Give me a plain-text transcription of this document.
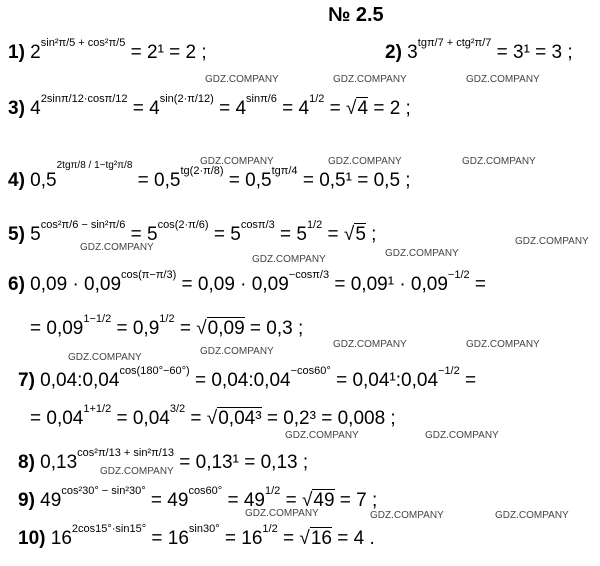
№ 2.5
1) $2^{sin^2\pi/5 + cos^2\pi/5} = 2^1 = 2$ ;	2) $3^{tg\pi/7 + ctg^2\pi/7} = 3^1 = 3$ ;
3) $4^{2sin\pi/12\cdot cos\pi/12} = 4^{sin(2\cdot\pi/12)} = 4^{sin\pi/6} = 4^{1/2} = √4 = 2$ ;
4) $0,5^{2tg\pi/8 / 1-tg^2\pi/8} = 0,5^{tg(2\cdot\pi/8)} = 0,5^{tg\pi/4} = 0,5^1 = 0,5$ ;
5) $5^{cos^2\pi/6 - sin^2\pi/6} = 5^{cos(2\cdot\pi/6)} = 5^{cos\pi/3} = 5^{1/2} = √5$ ;
6) $0,09 \cdot 0,09^{cos(\pi-\pi/3)} = 0,09 \cdot 0,09^{-cos\pi/3} = 0,09^1 \cdot 0,09^{-1/2}$ =
= $0,09^{1-1/2} = 0,9^{1/2} = √0,09 = 0,3$ ;
7) $0,04:0,04^{cos(180^\circ-60^\circ)}$ = $0,04:0,04^{-cos60^\circ}$ = $0,04^1:0,04^{-1/2}$ =
= $0,04^{1+1/2} = 0,04^{3/2} = √0,04^3 = 0,2^3 = 0,008$ ;
8) $0,13^{cos^2\pi/13 + sin^2\pi/13} = 0,13^1 = 0,13$ ;
9) $49^{cos^230^\circ - sin^230^\circ} = 49^{cos60^\circ} = 49^{1/2} = √49 = 7$ ;
10) $16^{2cos15^\circ\cdot sin15^\circ} = 16^{sin30^\circ} = 16^{1/2} = √16 = 4$ .
GDZ.COMPANY	GDZ.COMPANY	GDZ.COMPANY
GDZ.COMPANY	GDZ.COMPANY	GDZ.COMPANY
GDZ.COMPANY
GDZ.COMPANY
GDZ.COMPANY
GDZ.COMPANY
GDZ.COMPANY
GDZ.COMPANY
GDZ.COMPANY	GDZ.COMPANY
GDZ.COMPANY	GDZ.COMPANY
GDZ.COMPANY
GDZ.COMPANY	GDZ.COMPANY	GDZ.COMPANY
